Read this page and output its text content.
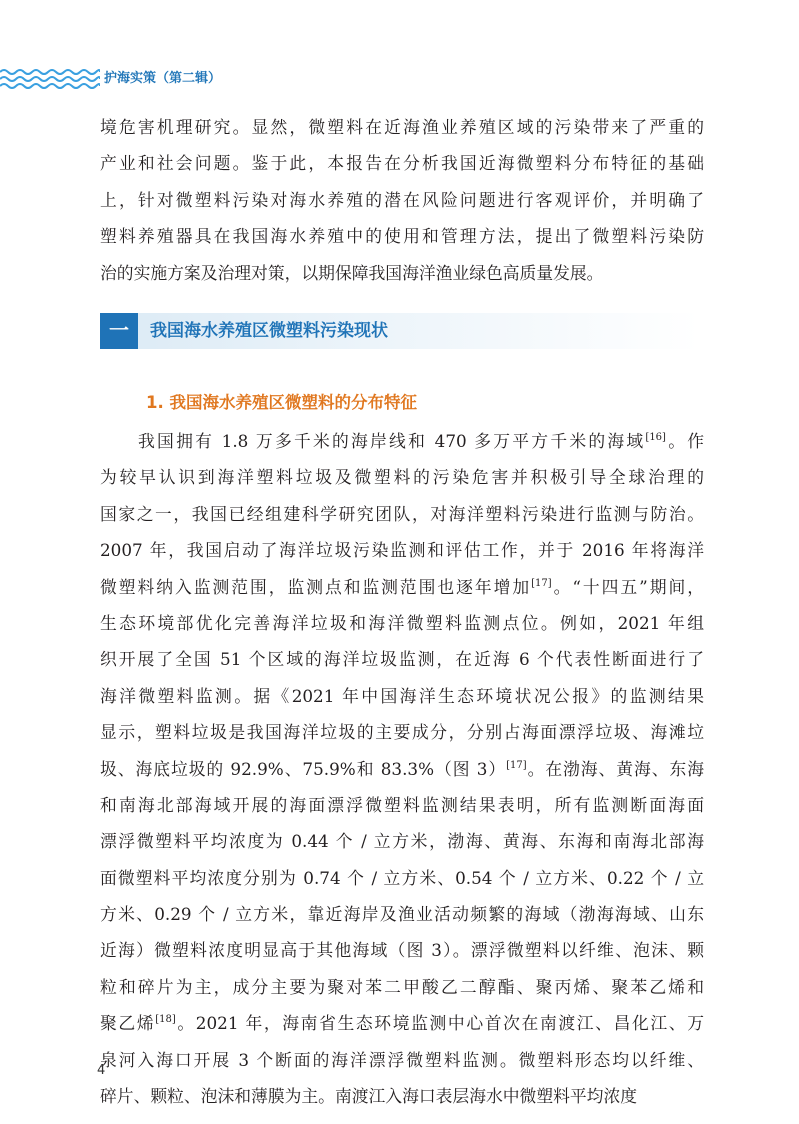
护海实策（第二辑）
境危害机理研究。显然，微塑料在近海渔业养殖区域的污染带来了严重的
产业和社会问题。鉴于此，本报告在分析我国近海微塑料分布特征的基础
上，针对微塑料污染对海水养殖的潜在风险问题进行客观评价，并明确了
塑料养殖器具在我国海水养殖中的使用和管理方法，提出了微塑料污染防
治的实施方案及治理对策，以期保障我国海洋渔业绿色高质量发展。
一	我国海水养殖区微塑料污染现状
1. 我国海水养殖区微塑料的分布特征
　　我国拥有 1.8 万多千米的海岸线和 470 多万平方千米的海域[16]。作
为较早认识到海洋塑料垃圾及微塑料的污染危害并积极引导全球治理的
国家之一，我国已经组建科学研究团队，对海洋塑料污染进行监测与防治。
2007 年，我国启动了海洋垃圾污染监测和评估工作，并于 2016 年将海洋
微塑料纳入监测范围，监测点和监测范围也逐年增加[17]。“十四五”期间，
生态环境部优化完善海洋垃圾和海洋微塑料监测点位。例如，2021 年组
织开展了全国 51 个区域的海洋垃圾监测，在近海 6 个代表性断面进行了
海洋微塑料监测。据《2021 年中国海洋生态环境状况公报》的监测结果
显示，塑料垃圾是我国海洋垃圾的主要成分，分别占海面漂浮垃圾、海滩垃
圾、海底垃圾的 92.9%、75.9%和 83.3%（图 3）[17]。在渤海、黄海、东海
和南海北部海域开展的海面漂浮微塑料监测结果表明，所有监测断面海面
漂浮微塑料平均浓度为 0.44 个 / 立方米，渤海、黄海、东海和南海北部海
面微塑料平均浓度分别为 0.74 个 / 立方米、0.54 个 / 立方米、0.22 个 / 立
方米、0.29 个 / 立方米，靠近海岸及渔业活动频繁的海域（渤海海域、山东
近海）微塑料浓度明显高于其他海域（图 3）。漂浮微塑料以纤维、泡沫、颗
粒和碎片为主，成分主要为聚对苯二甲酸乙二醇酯、聚丙烯、聚苯乙烯和
聚乙烯[18]。2021 年，海南省生态环境监测中心首次在南渡江、昌化江、万
泉河入海口开展 3 个断面的海洋漂浮微塑料监测。微塑料形态均以纤维、
碎片、颗粒、泡沫和薄膜为主。南渡江入海口表层海水中微塑料平均浓度
4
